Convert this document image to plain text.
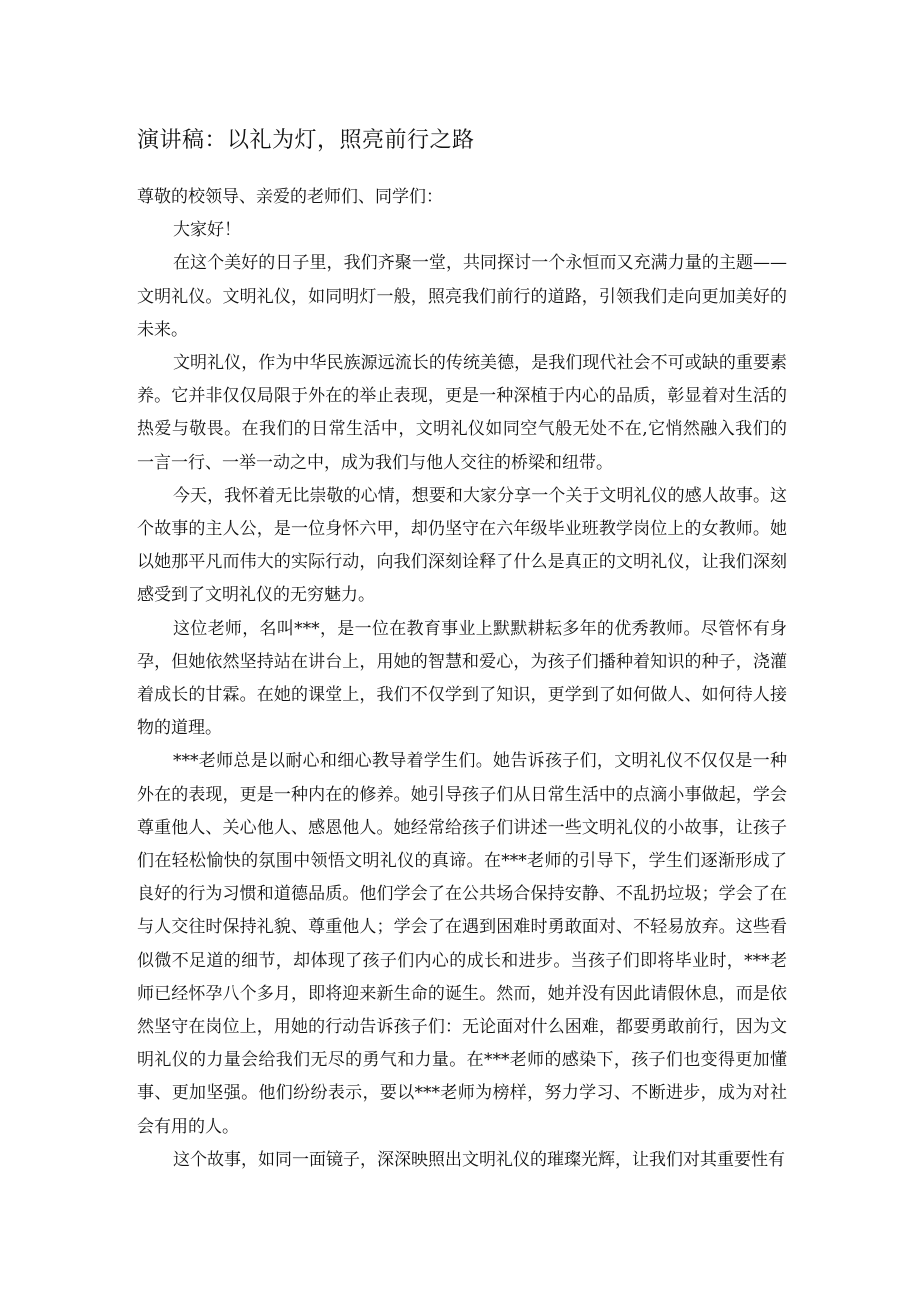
演讲稿：以礼为灯，照亮前行之路

尊敬的校领导、亲爱的老师们、同学们：

大家好！

在这个美好的日子里，我们齐聚一堂，共同探讨一个永恒而又充满力量的主题——文明礼仪。文明礼仪，如同明灯一般，照亮我们前行的道路，引领我们走向更加美好的未来。

文明礼仪，作为中华民族源远流长的传统美德，是我们现代社会不可或缺的重要素养。它并非仅仅局限于外在的举止表现，更是一种深植于内心的品质，彰显着对生活的热爱与敬畏。在我们的日常生活中，文明礼仪如同空气般无处不在,它悄然融入我们的一言一行、一举一动之中，成为我们与他人交往的桥梁和纽带。

今天，我怀着无比崇敬的心情，想要和大家分享一个关于文明礼仪的感人故事。这个故事的主人公，是一位身怀六甲，却仍坚守在六年级毕业班教学岗位上的女教师。她以她那平凡而伟大的实际行动，向我们深刻诠释了什么是真正的文明礼仪，让我们深刻感受到了文明礼仪的无穷魅力。

这位老师，名叫***，是一位在教育事业上默默耕耘多年的优秀教师。尽管怀有身孕，但她依然坚持站在讲台上，用她的智慧和爱心，为孩子们播种着知识的种子，浇灌着成长的甘霖。在她的课堂上，我们不仅学到了知识，更学到了如何做人、如何待人接物的道理。

***老师总是以耐心和细心教导着学生们。她告诉孩子们，文明礼仪不仅仅是一种外在的表现，更是一种内在的修养。她引导孩子们从日常生活中的点滴小事做起，学会尊重他人、关心他人、感恩他人。她经常给孩子们讲述一些文明礼仪的小故事，让孩子们在轻松愉快的氛围中领悟文明礼仪的真谛。在***老师的引导下，学生们逐渐形成了良好的行为习惯和道德品质。他们学会了在公共场合保持安静、不乱扔垃圾；学会了在与人交往时保持礼貌、尊重他人；学会了在遇到困难时勇敢面对、不轻易放弃。这些看似微不足道的细节，却体现了孩子们内心的成长和进步。当孩子们即将毕业时，***老师已经怀孕八个多月，即将迎来新生命的诞生。然而，她并没有因此请假休息，而是依然坚守在岗位上，用她的行动告诉孩子们：无论面对什么困难，都要勇敢前行，因为文明礼仪的力量会给我们无尽的勇气和力量。在***老师的感染下，孩子们也变得更加懂事、更加坚强。他们纷纷表示，要以***老师为榜样，努力学习、不断进步，成为对社会有用的人。

这个故事，如同一面镜子，深深映照出文明礼仪的璀璨光辉，让我们对其重要性有
